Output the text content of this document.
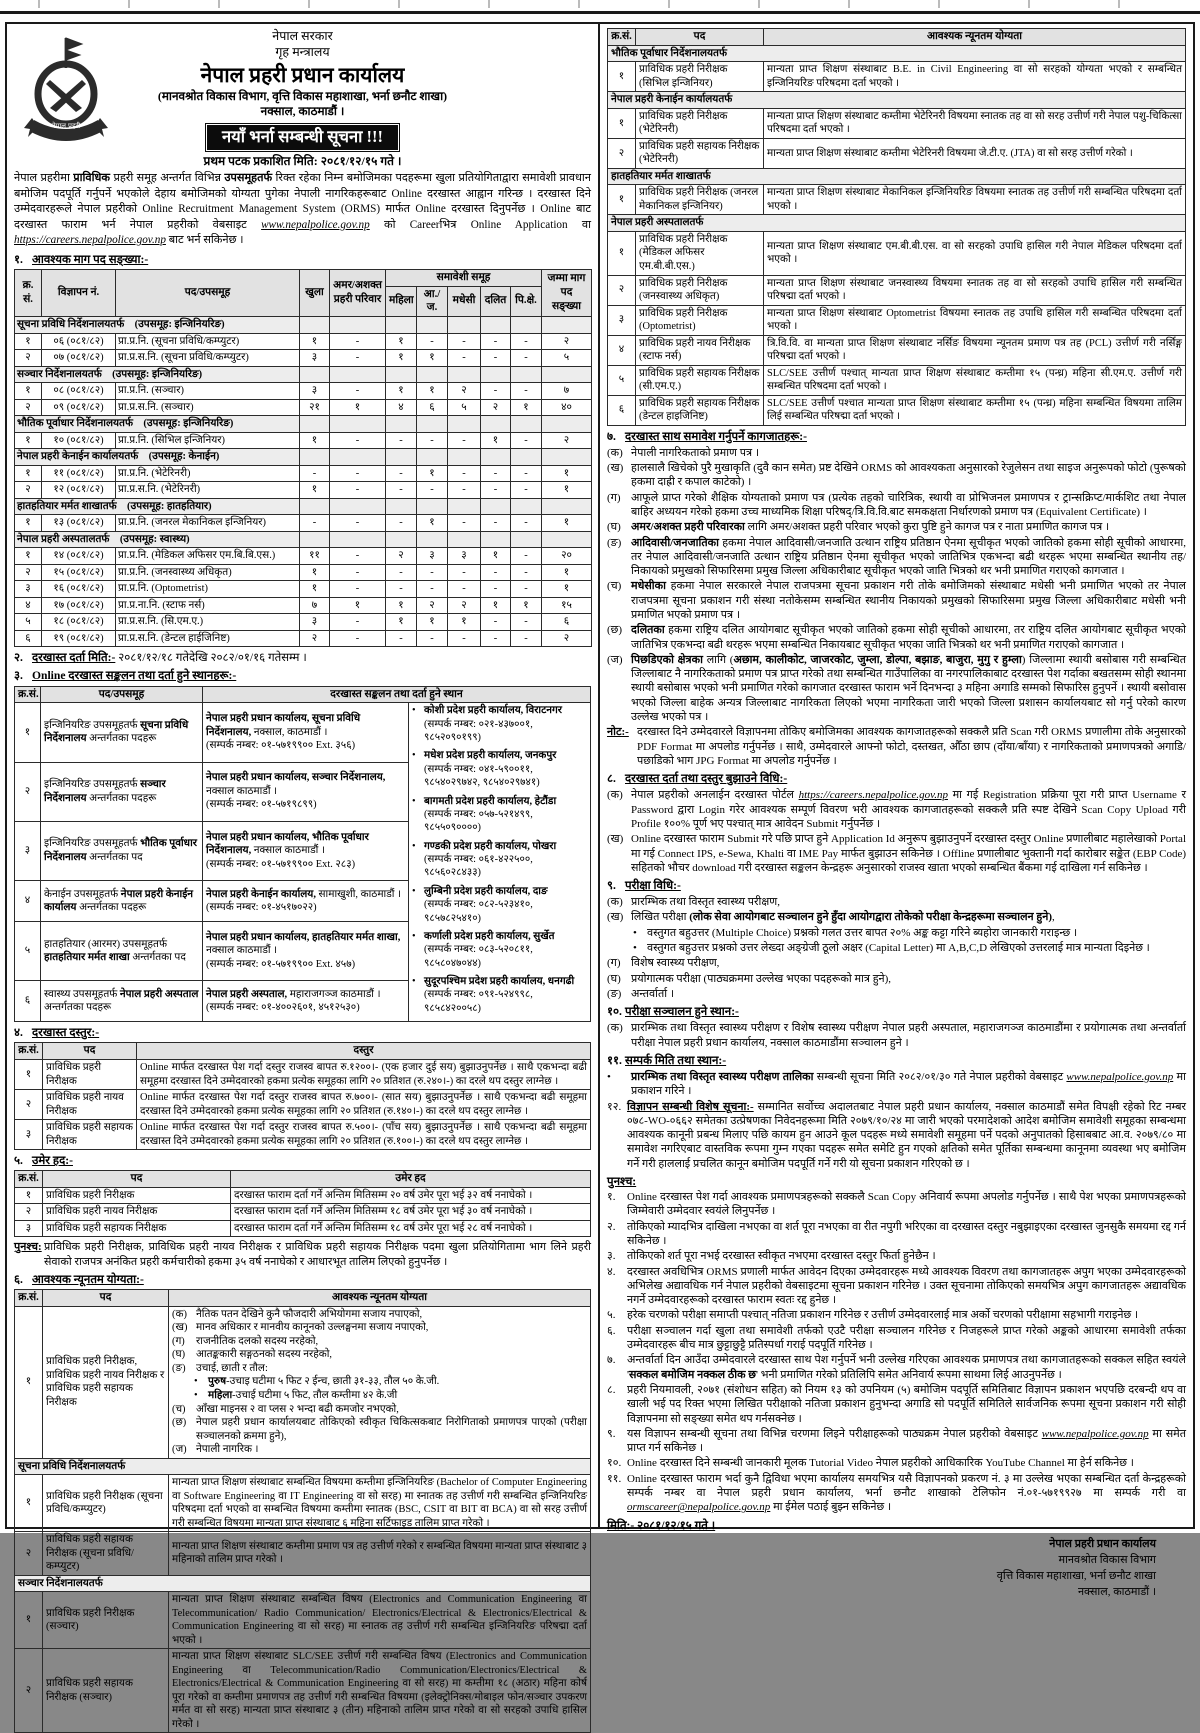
नेपाल प्रहरी
नेपाल सरकार
गृह मन्त्रालय
नेपाल प्रहरी प्रधान कार्यालय
(मानवश्रोत विकास विभाग, वृत्ति विकास महाशाखा, भर्ना छनौट शाखा)
नक्साल, काठमाडौं ।
नयाँ भर्ना सम्बन्धी सूचना !!!
प्रथम पटक प्रकाशित मिति: २०८१/१२/१५ गते ।
नेपाल प्रहरीमा प्राविधिक प्रहरी समूह अन्तर्गत विभिन्न उपसमूहतर्फ रिक्त रहेका निम्न बमोजिमका पदहरूमा खुला प्रतियोगिताद्वारा समावेशी प्रावधान बमोजिम पदपूर्ति गर्नुपर्ने भएकोले देहाय बमोजिमको योग्यता पुगेका नेपाली नागरिकहरूबाट Online दरखास्त आह्वान गरिन्छ । दरखास्त दिने उम्मेदवारहरूले नेपाल प्रहरीको Online Recruitment Management System (ORMS) मार्फत Online दरखास्त दिनुपर्नेछ । Online बाट दरखास्त फाराम भर्न नेपाल प्रहरीको वेबसाइट www.nepalpolice.gov.np को Careerभित्र Online Application वा https://careers.nepalpolice.gov.np बाट भर्न सकिनेछ ।
१. आवश्यक माग पद सङ्ख्या:-
क्र. सं.	विज्ञापन नं.	पद/उपसमूह	खुला	अमर/अशक्त प्रहरी परिवार	समावेशी समूह					जम्मा माग पद सङ्ख्या
					महिला	आ./ज.	मधेसी	दलित	पि.क्षे.	
सूचना प्रविधि निर्देशनालयतर्फ (उपसमूह: इन्जिनियरिङ)										
१	०६ (०८१/८२)	प्रा.प्र.नि. (सूचना प्रविधि/कम्प्युटर)	१	-	१	-	-	-	-	२
२	०७ (०८१/८२)	प्रा.प्र.स.नि. (सूचना प्रविधि/कम्प्युटर)	३	-	१	१	-	-	-	५
सञ्चार निर्देशनालयतर्फ (उपसमूह: इन्जिनियरिङ)										
१	०८ (०८१/८२)	प्रा.प्र.नि. (सञ्चार)	३	-	१	१	२	-	-	७
२	०९ (०८१/८२)	प्रा.प्र.स.नि. (सञ्चार)	२१	१	४	६	५	२	१	४०
भौतिक पूर्वाधार निर्देशनालयतर्फ (उपसमूह: इन्जिनियरिङ)										
१	१० (०८१/८२)	प्रा.प्र.नि. (सिभिल इन्जिनियर)	१	-	-	-	-	१	-	२
नेपाल प्रहरी केनाईन कार्यालयतर्फ (उपसमूह: केनाईन)										
१	११ (०८१/८२)	प्रा.प्र.नि. (भेटेरिनरी)	-	-	-	१	-	-	-	१
२	१२ (०८१/८२)	प्रा.प्र.स.नि. (भेटेरिनरी)	१	-	-	-	-	-	-	१
हातहतियार मर्मत शाखातर्फ (उपसमूह: हातहतियार)										
१	१३ (०८१/८२)	प्रा.प्र.नि. (जनरल मेकानिकल इन्जिनियर)	-	-	-	१	-	-	-	१
नेपाल प्रहरी अस्पतालतर्फ (उपसमूह: स्वास्थ्य)										
१	१४ (०८१/८२)	प्रा.प्र.नि. (मेडिकल अफिसर एम.बि.बि.एस.)	११	-	२	३	३	१	-	२०
२	१५ (०८१/८२)	प्रा.प्र.नि. (जनस्वास्थ्य अधिकृत)	१	-	-	-	-	-	-	१
३	१६ (०८१/८२)	प्रा.प्र.नि. (Optometrist)	१	-	-	-	-	-	-	१
४	१७ (०८१/८२)	प्रा.प्र.ना.नि. (स्टाफ नर्स)	७	१	१	२	२	१	१	१५
५	१८ (०८१/८२)	प्रा.प्र.स.नि. (सि.एम.ए.)	३	-	१	१	१	-	-	६
६	१९ (०८१/८२)	प्रा.प्र.स.नि. (डेन्टल हाईजिनिष्ट)	२	-	-	-	-	-	-	२
२. दरखास्त दर्ता मिति:- २०८१/१२/१८ गतेदेखि २०८२/०१/१६ गतेसम्म ।
३. Online दरखास्त सङ्कलन तथा दर्ता हुने स्थानहरू:-
क्र.सं.	पद/उपसमूह	दरखास्त सङ्कलन तथा दर्ता हुने स्थान	
१	इन्जिनियरिङ उपसमूहतर्फ सूचना प्रविधि निर्देशनालय अन्तर्गतका पदहरू	
नेपाल प्रहरी प्रधान कार्यालय, सूचना प्रविधि निर्देशनालय, नक्साल, काठमाडौं ।
(सम्पर्क नम्बर: ०१-५७१९९०० Ext. ३५६)

• कोशी प्रदेश प्रहरी कार्यालय, विराटनगर
(सम्पर्क नम्बर: ०२१-४३७००१, ९८५२०९०१९९)
• मधेश प्रदेश प्रहरी कार्यालय, जनकपुर
(सम्पर्क नम्बर: ०४१-५९००११, ९८५४०२९७४२, ९८५४०२९७४१)
• बागमती प्रदेश प्रहरी कार्यालय, हेटौंडा
(सम्पर्क नम्बर: ०५७-५२१४९९, ९८५५०९००००)
• गण्डकी प्रदेश प्रहरी कार्यालय, पोखरा
(सम्पर्क नम्बर: ०६१-४२२५००, ९८५६०२८४३३)
• लुम्बिनी प्रदेश प्रहरी कार्यालय, दाङ
(सम्पर्क नम्बर: ०८२-५२३४१०, ९८५७८२५४१०)
• कर्णाली प्रदेश प्रहरी कार्यालय, सुर्खेत
(सम्पर्क नम्बर: ०८३-५२०८११, ९८५८०४७०४४)
• सुदूरपश्चिम प्रदेश प्रहरी कार्यालय, धनगढी
(सम्पर्क नम्बर: ०९१-५२४९९८, ९८५८४२००५८)

२	इन्जिनियरिङ उपसमूहतर्फ सञ्चार निर्देशनालय अन्तर्गतका पदहरू	नेपाल प्रहरी प्रधान कार्यालय, सञ्चार निर्देशनालय, नक्साल काठमाडौं ।
(सम्पर्क नम्बर: ०१-५७१९८९९)	

३	इन्जिनियरिङ उपसमूहतर्फ भौतिक पूर्वाधार निर्देशनालय अन्तर्गतका पद	नेपाल प्रहरी प्रधान कार्यालय, भौतिक पूर्वाधार निर्देशनालय, नक्साल काठमाडौं ।
(सम्पर्क नम्बर: ०१-५७१९९०० Ext. २८३)	

४	केनाईन उपसमूहतर्फ नेपाल प्रहरी केनाईन कार्यालय अन्तर्गतका पदहरू	नेपाल प्रहरी केनाईन कार्यालय, सामाखुशी, काठमाडौं ।
(सम्पर्क नम्बर: ०१-४५१७०२२)	

५	हातहतियार (आरमर) उपसमूहतर्फ हातहतियार मर्मत शाखा अन्तर्गतका पद	नेपाल प्रहरी प्रधान कार्यालय, हातहतियार मर्मत शाखा, नक्साल काठमाडौं ।
(सम्पर्क नम्बर: ०१-५७१९९०० Ext. ४५७)	

६	स्वास्थ्य उपसमूहतर्फ नेपाल प्रहरी अस्पताल अन्तर्गतका पदहरू	नेपाल प्रहरी अस्पताल, महाराजगञ्ज काठमाडौं ।
(सम्पर्क नम्बर: ०१-४००२६०१, ४५१२५३०)	
४. दरखास्त दस्तुर:-
क्र.सं.	पद	दस्तुर
१	प्राविधिक प्रहरी निरीक्षक	Online मार्फत दरखास्त पेश गर्दा दस्तुर राजस्व बापत रु.१२००।- (एक हजार दुई सय) बुझाउनुपर्नेछ । साथै एकभन्दा बढी समूहमा दरखास्त दिने उम्मेदवारको हकमा प्रत्येक समूहका लागि २० प्रतिशत (रु.२४०।-) का दरले थप दस्तुर लाग्नेछ ।
२	प्राविधिक प्रहरी नायव निरीक्षक	Online मार्फत दरखास्त पेश गर्दा दस्तुर राजस्व बापत रु.७००।- (सात सय) बुझाउनुपर्नेछ । साथै एकभन्दा बढी समूहमा दरखास्त दिने उम्मेदवारको हकमा प्रत्येक समूहका लागि २० प्रतिशत (रु.१४०।-) का दरले थप दस्तुर लाग्नेछ ।
३	प्राविधिक प्रहरी सहायक निरीक्षक	Online मार्फत दरखास्त पेश गर्दा दस्तुर राजस्व बापत रु.५००।- (पाँच सय) बुझाउनुपर्नेछ । साथै एकभन्दा बढी समूहमा दरखास्त दिने उम्मेदवारको हकमा प्रत्येक समूहका लागि २० प्रतिशत (रु.१००।-) का दरले थप दस्तुर लाग्नेछ ।
५. उमेर हद:-
क्र.सं.	पद	उमेर हद
१	प्राविधिक प्रहरी निरीक्षक	दरखास्त फाराम दर्ता गर्ने अन्तिम मितिसम्म २० वर्ष उमेर पूरा भई ३२ वर्ष ननाघेको ।
२	प्राविधिक प्रहरी नायव निरीक्षक	दरखास्त फाराम दर्ता गर्ने अन्तिम मितिसम्म १८ वर्ष उमेर पूरा भई ३० वर्ष ननाघेको ।
३	प्राविधिक प्रहरी सहायक निरीक्षक	दरखास्त फाराम दर्ता गर्ने अन्तिम मितिसम्म १८ वर्ष उमेर पूरा भई २८ वर्ष ननाघेको ।
पुनश्च: प्राविधिक प्रहरी निरीक्षक, प्राविधिक प्रहरी नायव निरीक्षक र प्राविधिक प्रहरी सहायक निरीक्षक पदमा खुला प्रतियोगितामा भाग लिने प्रहरी सेवाको राजपत्र अनंकित प्रहरी कर्मचारीको हकमा ३५ वर्ष ननाघेको र आधारभूत तालिम लिएको हुनुपर्नेछ ।
६. आवश्यक न्यूनतम योग्यता:-
क्र.सं.	पद	आवश्यक न्यूनतम योग्यता
१	प्राविधिक प्रहरी निरीक्षक, प्राविधिक प्रहरी नायव निरीक्षक र प्राविधिक प्रहरी सहायक निरीक्षक	
(क) नैतिक पतन देखिने कुनै फौजदारी अभियोगमा सजाय नपाएको,
(ख) मानव अधिकार र मानवीय कानूनको उल्लङ्घनमा सजाय नपाएको,
(ग)	राजनीतिक दलको सदस्य नरहेको,
(घ)	आतङ्ककारी सङ्गठनको सदस्य नरहेको,
(ङ)	उचाई, छाती र तौल:
• पुरुष-उचाइ घटीमा ५ फिट २ ईन्च, छाती ३१-३३, तौल ५० के.जी.
• महिला-उचाई घटीमा ५ फिट, तौल कम्तीमा ४२ के.जी
(च)	आँखा माइनस २ वा प्लस २ भन्दा बढी कमजोर नभएको,
(छ) नेपाल प्रहरी प्रधान कार्यालयबाट तोकिएको स्वीकृत चिकित्सकबाट निरोगिताको प्रमाणपत्र पाएको (परीक्षा सञ्चालनको क्रममा हुने),
(ज) नेपाली नागरिक ।

सूचना प्रविधि निर्देशनालयतर्फ		
१	प्राविधिक प्रहरी निरीक्षक (सूचना प्रविधि/कम्प्युटर)	मान्यता प्राप्त शिक्षण संस्थाबाट सम्बन्धित विषयमा कम्तीमा इन्जिनियरिङ (Bachelor of Computer Engineering वा Software Engineering वा IT Engineering वा सो सरह) मा स्नातक तह उत्तीर्ण गरी सम्बन्धित इन्जिनियरिङ परिषदमा दर्ता भएको वा सम्बन्धित विषयमा कम्तीमा स्नातक (BSC, CSIT वा BIT वा BCA) वा सो सरह उत्तीर्ण गरी सम्बन्धित विषयमा मान्यता प्राप्त संस्थाबाट ६ महिना सर्टिफाइड तालिम प्राप्त गरेको ।
२	प्राविधिक प्रहरी सहायक निरीक्षक (सूचना प्रविधि/कम्प्युटर)	मान्यता प्राप्त शिक्षण संस्थाबाट कम्तीमा प्रमाण पत्र तह उत्तीर्ण गरेको र सम्बन्धित विषयमा मान्यता प्राप्त संस्थाबाट ३ महिनाको तालिम प्राप्त गरेको ।
सञ्चार निर्देशनालयतर्फ		
१	प्राविधिक प्रहरी निरीक्षक (सञ्चार)	मान्यता प्राप्त शिक्षण संस्थाबाट सम्बन्धित विषय (Electronics and Communication Engineering वा Telecommunication/ Radio Communication/ Electronics/Electrical & Electronics/Electrical & Communication Engineering वा सो सरह) मा स्नातक तह उत्तीर्ण गरी सम्बन्धित इन्जिनियरिङ परिषद्मा दर्ता भएको ।
२	प्राविधिक प्रहरी सहायक निरीक्षक (सञ्चार)	मान्यता प्राप्त शिक्षण संस्थाबाट SLC/SEE उत्तीर्ण गरी सम्बन्धित विषय (Electronics and Communication Engineering वा Telecommunication/Radio Communication/Electronics/Electrical & Electronics/Electrical & Communication Engineering वा सो सरह) मा कम्तीमा १८ (अठार) महिना कोर्ष पूरा गरेको वा कम्तीमा प्रमाणपत्र तह उत्तीर्ण गरी सम्बन्धित विषयमा (इलेक्ट्रोनिक्स/मोबाइल फोन/सञ्चार उपकरण मर्मत वा सो सरह) मान्यता प्राप्त संस्थाबाट ३ (तीन) महिनाको तालिम प्राप्त गरेको वा सो सरहको उपाधि हासिल गरेको ।
क्र.सं.	पद	आवश्यक न्यूनतम योग्यता
भौतिक पूर्वाधार निर्देशनालयतर्फ		
१	प्राविधिक प्रहरी निरीक्षक (सिभिल इन्जिनियर)	मान्यता प्राप्त शिक्षण संस्थाबाट B.E. in Civil Engineering वा सो सरहको योग्यता भएको र सम्बन्धित इन्जिनियरिङ परिषदमा दर्ता भएको ।
नेपाल प्रहरी केनाईन कार्यालयतर्फ		
१	प्राविधिक प्रहरी निरीक्षक (भेटेरिनरी)	मान्यता प्राप्त शिक्षण संस्थाबाट कम्तीमा भेटेरिनरी विषयमा स्नातक तह वा सो सरह उत्तीर्ण गरी नेपाल पशु-चिकित्सा परिषदमा दर्ता भएको ।
२	प्राविधिक प्रहरी सहायक निरीक्षक (भेटेरिनरी)	मान्यता प्राप्त शिक्षण संस्थाबाट कम्तीमा भेटेरिनरी विषयमा जे.टी.ए. (JTA) वा सो सरह उत्तीर्ण गरेको ।
हातहतियार मर्मत शाखातर्फ		
१	प्राविधिक प्रहरी निरीक्षक (जनरल मेकानिकल इन्जिनियर)	मान्यता प्राप्त शिक्षण संस्थाबाट मेकानिकल इन्जिनियरिङ विषयमा स्नातक तह उत्तीर्ण गरी सम्बन्धित परिषदमा दर्ता भएको ।
नेपाल प्रहरी अस्पतालतर्फ		
१	प्राविधिक प्रहरी निरीक्षक (मेडिकल अफिसर एम.बी.बी.एस.)	मान्यता प्राप्त शिक्षण संस्थाबाट एम.बी.बी.एस. वा सो सरहको उपाधि हासिल गरी नेपाल मेडिकल परिषदमा दर्ता भएको ।
२	प्राविधिक प्रहरी निरीक्षक (जनस्वास्थ्य अधिकृत)	मान्यता प्राप्त शिक्षण संस्थाबाट जनस्वास्थ्य विषयमा स्नातक तह वा सो सरहको उपाधि हासिल गरी सम्बन्धित परिषद्मा दर्ता भएको ।
३	प्राविधिक प्रहरी निरीक्षक (Optometrist)	मान्यता प्राप्त शिक्षण संस्थाबाट Optometrist विषयमा स्नातक तह उपाधि हासिल गरी सम्बन्धित परिषदमा दर्ता भएको ।
४	प्राविधिक प्रहरी नायव निरीक्षक (स्टाफ नर्स)	त्रि.वि.वि. वा मान्यता प्राप्त शिक्षण संस्थाबाट नर्सिङ विषयमा न्यूनतम प्रमाण पत्र तह (PCL) उत्तीर्ण गरी नर्सिङ्ग परिषद्मा दर्ता भएको ।
५	प्राविधिक प्रहरी सहायक निरीक्षक (सी.एम.ए.)	SLC/SEE उत्तीर्ण पश्चात् मान्यता प्राप्त शिक्षण संस्थाबाट कम्तीमा १५ (पन्ध्र) महिना सी.एम.ए. उत्तीर्ण गरी सम्बन्धित परिषदमा दर्ता भएको ।
६	प्राविधिक प्रहरी सहायक निरीक्षक (डेन्टल हाइजिनिष्ट)	SLC/SEE उत्तीर्ण पश्चात मान्यता प्राप्त शिक्षण संस्थाबाट कम्तीमा १५ (पन्ध्र) महिना सम्बन्धित विषयमा तालिम लिई सम्बन्धित परिषद्मा दर्ता भएको ।
७. दरखास्त साथ समावेश गर्नुपर्ने कागजातहरू:-
(क) नेपाली नागरिकताको प्रमाण पत्र ।
(ख) हालसालै खिचेको पुरै मुखाकृति (दुवै कान समेत) प्रष्ट देखिने ORMS को आवश्यकता अनुसारको रेजुलेसन तथा साइज अनुरूपको फोटो (पुरूषको हकमा दाह्री र कपाल काटेको) ।
(ग) आफूले प्राप्त गरेको शैक्षिक योग्यताको प्रमाण पत्र (प्रत्येक तहको चारित्रिक, स्थायी वा प्रोभिजनल प्रमाणपत्र र ट्रान्सक्रिप्ट/मार्कशिट तथा नेपाल बाहिर अध्ययन गरेको हकमा उच्च माध्यमिक शिक्षा परिषद्/त्रि.वि.वि.बाट समकक्षता निर्धारणको प्रमाण पत्र (Equivalent Certificate) ।
(घ) अमर/अशक्त प्रहरी परिवारका लागि अमर/अशक्त प्रहरी परिवार भएको कुरा पुष्टि हुने कागज पत्र र नाता प्रमाणित कागज पत्र ।
(ङ) आदिवासी/जनजातिका हकमा नेपाल आदिवासी/जनजाति उत्थान राष्ट्रिय प्रतिष्ठान ऐनमा सूचीकृत भएको जातिको हकमा सोही सूचीको आधारमा, तर नेपाल आदिवासी/जनजाति उत्थान राष्ट्रिय प्रतिष्ठान ऐनमा सूचीकृत भएको जातिभित्र एकभन्दा बढी थरहरू भएमा सम्बन्धित स्थानीय तह/निकायको प्रमुखको सिफारिसमा प्रमुख जिल्ला अधिकारीबाट सूचीकृत भएको जाति भित्रको थर भनी प्रमाणित गराएको कागजात ।
(च) मधेसीका हकमा नेपाल सरकारले नेपाल राजपत्रमा सूचना प्रकाशन गरी तोके बमोजिमको संस्थाबाट मधेसी भनी प्रमाणित भएको तर नेपाल राजपत्रमा सूचना प्रकाशन गरी संस्था नतोकेसम्म सम्बन्धित स्थानीय निकायको प्रमुखको सिफारिसमा प्रमुख जिल्ला अधिकारीबाट मधेसी भनी प्रमाणित भएको प्रमाण पत्र ।
(छ) दलितका हकमा राष्ट्रिय दलित आयोगबाट सूचीकृत भएको जातिको हकमा सोही सूचीको आधारमा, तर राष्ट्रिय दलित आयोगबाट सूचीकृत भएको जातिभित्र एकभन्दा बढी थरहरू भएमा सम्बन्धित निकायबाट सूचीकृत भएका जाति भित्रको थर भनी प्रमाणित गराएको कागजात ।
(ज) पिछडिएको क्षेत्रका लागि (अछाम, कालीकोट, जाजरकोट, जुम्ला, डोल्पा, बझाङ, बाजुरा, मुगु र हुम्ला) जिल्लामा स्थायी बसोबास गरी सम्बन्धित जिल्लाबाट नै नागरिकताको प्रमाण पत्र प्राप्त गरेको तथा सम्बन्धित गाउँपालिका वा नगरपालिकाबाट दरखास्त पेश गर्दाका बखतसम्म सोही स्थानमा स्थायी बसोबास भएको भनी प्रमाणित गरेको कागजात दरखास्त फाराम भर्ने दिनभन्दा ३ महिना अगाडि सम्मको सिफारिस हुनुपर्ने । स्थायी बसोवास भएको जिल्ला बाहेक अन्यत्र जिल्लाबाट नागरिकता लिएको भएमा नागरिकता जारी भएको जिल्ला प्रशासन कार्यालयबाट सो गर्नु परेको कारण उल्लेख भएको पत्र ।
नोट:- दरखास्त दिने उम्मेदवारले विज्ञापनमा तोकिए बमोजिमका आवश्यक कागजातहरूको सक्कलै प्रति Scan गरी ORMS प्रणालीमा तोके अनुसारको PDF Format मा अपलोड गर्नुपर्नेछ । साथै, उम्मेदवारले आफ्नो फोटो, दस्तखत, औँठा छाप (दाँया/बाँया) र नागरिकताको प्रमाणपत्रको अगाडि/पछाडिको भाग JPG Format मा अपलोड गर्नुपर्नेछ ।
८. दरखास्त दर्ता तथा दस्तुर बुझाउने विधि:-
(क) नेपाल प्रहरीको अनलाईन दरखास्त पोर्टल https://careers.nepalpolice.gov.np मा गई Registration प्रक्रिया पूरा गरी प्राप्त Username र Password द्वारा Login गरेर आवश्यक सम्पूर्ण विवरण भरी आवश्यक कागजातहरूको सक्कलै प्रति स्पष्ट देखिने Scan Copy Upload गरी Profile १००% पूर्ण भए पश्चात् मात्र आवेदन Submit गर्नुपर्नेछ ।
(ख) Online दरखास्त फाराम Submit गरे पछि प्राप्त हुने Application Id अनुरूप बुझाउनुपर्ने दरखास्त दस्तुर Online प्रणालीबाट महालेखाको Portal मा गई Connect IPS, e-Sewa, Khalti वा IME Pay मार्फत बुझाउन सकिनेछ । Offline प्रणालीबाट भुक्तानी गर्दा कारोबार सङ्केत (EBP Code) सहितको भौचर download गरी दरखास्त सङ्कलन केन्द्रहरू अनुसारको राजस्व खाता भएको सम्बन्धित बैंकमा गई दाखिला गर्न सकिनेछ ।
९. परीक्षा विधि:-
(क) प्रारम्भिक तथा विस्तृत स्वास्थ्य परीक्षण,
(ख) लिखित परीक्षा (लोक सेवा आयोगबाट सञ्चालन हुने हुँदा आयोगद्वारा तोकेको परीक्षा केन्द्रहरूमा सञ्चालन हुने),
• वस्तुगत बहुउत्तर (Multiple Choice) प्रश्नको गलत उत्तर बापत २०% अङ्क कट्टा गरिने ब्यहोरा जानकारी गराइन्छ ।
• वस्तुगत बहुउत्तर प्रश्नको उत्तर लेख्दा अङ्ग्रेजी ठूलो अक्षर (Capital Letter) मा A,B,C,D लेखिएको उत्तरलाई मात्र मान्यता दिइनेछ ।
(ग) विशेष स्वास्थ्य परीक्षण,
(घ) प्रयोगात्मक परीक्षा (पाठ्यक्रममा उल्लेख भएका पदहरूको मात्र हुने),
(ङ) अन्तर्वार्ता ।
१०. परीक्षा सञ्चालन हुने स्थान:-
(क) प्रारम्भिक तथा विस्तृत स्वास्थ्य परीक्षण र विशेष स्वास्थ्य परीक्षण नेपाल प्रहरी अस्पताल, महाराजगञ्ज काठमाडौंमा र प्रयोगात्मक तथा अन्तर्वार्ता परीक्षा नेपाल प्रहरी प्रधान कार्यालय, नक्साल काठमाडौंमा सञ्चालन हुने ।
११. सम्पर्क मिति तथा स्थान:-
•	प्रारम्भिक तथा विस्तृत स्वास्थ्य परीक्षण तालिका सम्बन्धी सूचना मिति २०८२/०१/३० गते नेपाल प्रहरीको वेबसाइट www.nepalpolice.gov.np मा प्रकाशन गरिने ।
१२. विज्ञापन सम्बन्धी विशेष सूचना:- सम्मानित सर्वोच्च अदालतबाट नेपाल प्रहरी प्रधान कार्यालय, नक्साल काठमाडौं समेत विपक्षी रहेको रिट नम्बर ०७८-WO-०६६२ समेतका उत्प्रेषणका निवेदनहरूमा मिति २०७९/१०/२४ मा जारी भएको परमादेशको आदेश बमोजिम समावेशी समूहका सम्बन्धमा आवश्यक कानूनी प्रबन्ध मिलाए पछि कायम हुन आउने कूल पदहरू मध्ये समावेशी समूहमा पर्ने पदको अनुपातको हिसाबबाट आ.व. २०७९/८० मा समावेश नगरिएबाट वास्तविक रूपमा गुम्न गएका पदहरू समेत समेटि हुन गएको क्षतिको समेत पूर्तिका सम्बन्धमा कानूनमा व्यवस्था भए बमोजिम गर्ने गरी हाललाई प्रचलित कानून बमोजिम पदपूर्ति गर्ने गरी यो सूचना प्रकाशन गरिएको छ ।
पुनश्च:
१.	Online दरखास्त पेश गर्दा आवश्यक प्रमाणपत्रहरूको सक्कलै Scan Copy अनिवार्य रूपमा अपलोड गर्नुपर्नेछ । साथै पेश भएका प्रमाणपत्रहरूको जिम्मेवारी उम्मेदवार स्वयंले लिनुपर्नेछ ।
२.	तोकिएको म्यादभित्र दाखिला नभएका वा शर्त पूरा नभएका वा रीत नपुगी भरिएका वा दरखास्त दस्तुर नबुझाइएका दरखास्त जुनसुकै समयमा रद्द गर्न सकिनेछ ।
३.	तोकिएको शर्त पूरा नभई दरखास्त स्वीकृत नभएमा दरखास्त दस्तुर फिर्ता हुनेछैन ।
४.	दरखास्त अवधिभित्र ORMS प्रणाली मार्फत आवेदन दिएका उम्मेदवारहरू मध्ये आवश्यक विवरण तथा कागजातहरू अपुग भएका उम्मेदवारहरूको अभिलेख अद्यावधिक गर्न नेपाल प्रहरीको वेबसाइटमा सूचना प्रकाशन गरिनेछ । उक्त सूचनामा तोकिएको समयभित्र अपुग कागजातहरू अद्यावधिक नगर्ने उम्मेदवारहरूको दरखास्त फाराम स्वतः रद्द हुनेछ ।
५.	हरेक चरणको परीक्षा समाप्ती पश्चात् नतिजा प्रकाशन गरिनेछ र उत्तीर्ण उम्मेदवारलाई मात्र अर्को चरणको परीक्षामा सहभागी गराइनेछ ।
६.	परीक्षा सञ्चालन गर्दा खुला तथा समावेशी तर्फको एउटै परीक्षा सञ्चालन गरिनेछ र निजहरूले प्राप्त गरेको अङ्कको आधारमा समावेशी तर्फका उम्मेदवारहरू बीच मात्र छुट्टाछुट्टै प्रतिस्पर्धा गराई पदपूर्ति गरिनेछ ।
७.	अन्तर्वार्ता दिन आउँदा उम्मेदवारले दरखास्त साथ पेश गर्नुपर्ने भनी उल्लेख गरिएका आवश्यक प्रमाणपत्र तथा कागजातहरूको सक्कल सहित स्वयंले 'सक्कल बमोजिम नक्कल ठीक छ' भनी प्रमाणित गरेको प्रतिलिपि समेत अनिवार्य रूपमा साथमा लिई आउनुपर्नेछ ।
८.	प्रहरी नियमावली, २०७१ (संशोधन सहित) को नियम १३ को उपनियम (५) बमोजिम पदपूर्ति समितिबाट विज्ञापन प्रकाशन भएपछि दरबन्दी थप वा खाली भई पद रिक्त भएमा लिखित परीक्षाको नतिजा प्रकाशन हुनुभन्दा अगाडि सो पदपूर्ति समितिले सार्वजनिक रूपमा सूचना प्रकाशन गरी सोही विज्ञापनमा सो सङ्ख्या समेत थप गर्नसक्नेछ ।
९.	यस विज्ञापन सम्बन्धी सूचना तथा विभिन्न चरणमा लिइने परीक्षाहरूको पाठ्यक्रम नेपाल प्रहरीको वेबसाइट www.nepalpolice.gov.np मा समेत प्राप्त गर्न सकिनेछ ।
१०. Online दरखास्त दिने सम्बन्धी जानकारी मूलक Tutorial Video नेपाल प्रहरीको आधिकारिक YouTube Channel मा हेर्न सकिनेछ ।
११. Online दरखास्त फाराम भर्दा कुनै द्विविधा भएमा कार्यालय समयभित्र यसै विज्ञापनको प्रकरण नं. ३ मा उल्लेख भएका सम्बन्धित दर्ता केन्द्रहरूको सम्पर्क नम्बर वा नेपाल प्रहरी प्रधान कार्यालय, भर्ना छनौट शाखाको टेलिफोन नं.०१-५७१९९२७ मा सम्पर्क गरी वा ormscareer@nepalpolice.gov.np मा ईमेल पठाई बुझ्न सकिनेछ ।
मिति:- २०८१/१२/१५ गते ।
नेपाल प्रहरी प्रधान कार्यालय
मानवश्रोत विकास विभाग
वृत्ति विकास महाशाखा, भर्ना छनौट शाखा
नक्साल, काठमाडौं ।
